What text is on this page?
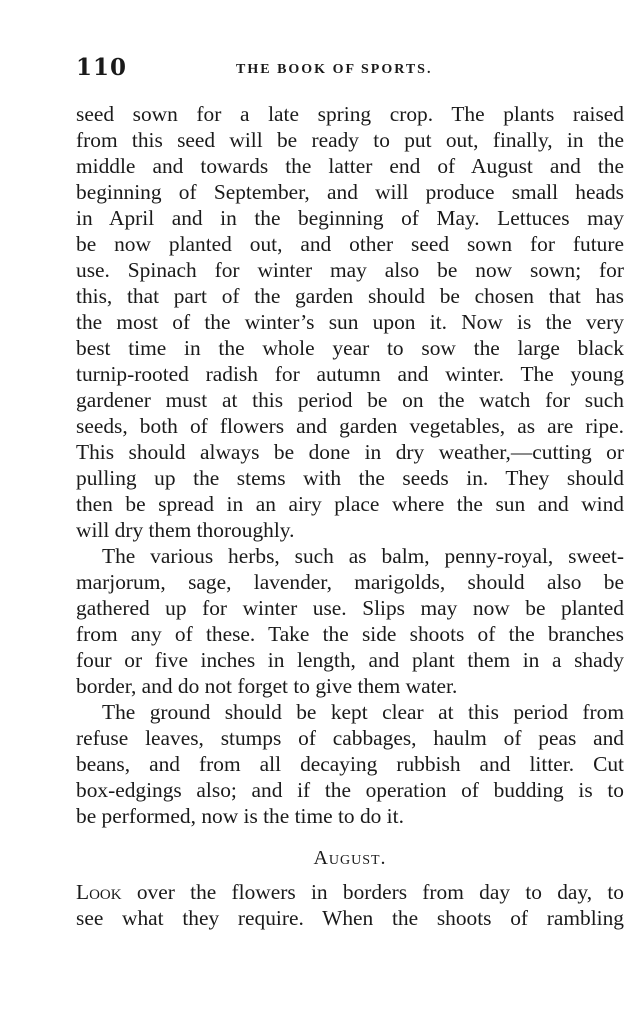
110	THE BOOK OF SPORTS.
seed sown for a late spring crop. The plants raised
from this seed will be ready to put out, finally, in the
middle and towards the latter end of August and the
beginning of September, and will produce small heads
in April and in the beginning of May. Lettuces may
be now planted out, and other seed sown for future
use. Spinach for winter may also be now sown; for
this, that part of the garden should be chosen that has
the most of the winter’s sun upon it. Now is the very
best time in the whole year to sow the large black
turnip-rooted radish for autumn and winter. The young
gardener must at this period be on the watch for such
seeds, both of flowers and garden vegetables, as are ripe.
This should always be done in dry weather,—cutting or
pulling up the stems with the seeds in. They should
then be spread in an airy place where the sun and wind
will dry them thoroughly.
The various herbs, such as balm, penny-royal, sweet-
marjorum, sage, lavender, marigolds, should also be
gathered up for winter use. Slips may now be planted
from any of these. Take the side shoots of the branches
four or five inches in length, and plant them in a shady
border, and do not forget to give them water.
The ground should be kept clear at this period from
refuse leaves, stumps of cabbages, haulm of peas and
beans, and from all decaying rubbish and litter. Cut
box-edgings also; and if the operation of budding is to
be performed, now is the time to do it.
August.
Look over the flowers in borders from day to day, to
see what they require. When the shoots of rambling
